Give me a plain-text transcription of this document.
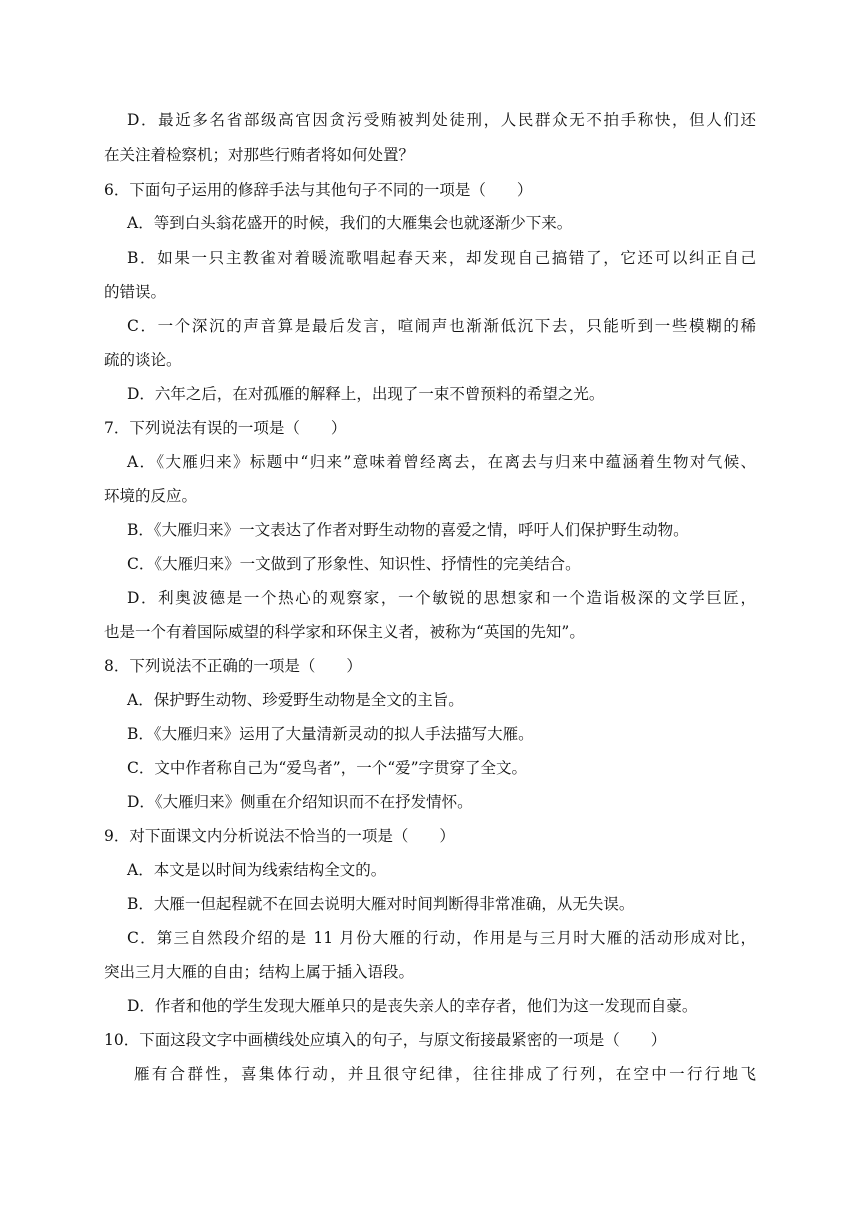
D．最近多名省部级高官因贪污受贿被判处徒刑，人民群众无不拍手称快，但人们还
在关注着检察机；对那些行贿者将如何处置？
6．下面句子运用的修辞手法与其他句子不同的一项是（　　）
A．等到白头翁花盛开的时候，我们的大雁集会也就逐渐少下来。
B．如果一只主教雀对着暖流歌唱起春天来，却发现自己搞错了，它还可以纠正自己
的错误。
C．一个深沉的声音算是最后发言，喧闹声也渐渐低沉下去，只能听到一些模糊的稀
疏的谈论。
D．六年之后，在对孤雁的解释上，出现了一束不曾预料的希望之光。
7．下列说法有误的一项是（　　）
A．《大雁归来》标题中“归来”意味着曾经离去，在离去与归来中蕴涵着生物对气候、
环境的反应。
B．《大雁归来》一文表达了作者对野生动物的喜爱之情，呼吁人们保护野生动物。
C．《大雁归来》一文做到了形象性、知识性、抒情性的完美结合。
D．利奥波德是一个热心的观察家，一个敏锐的思想家和一个造诣极深的文学巨匠，
也是一个有着国际威望的科学家和环保主义者，被称为“英国的先知”。
8．下列说法不正确的一项是（　　）
A．保护野生动物、珍爱野生动物是全文的主旨。
B．《大雁归来》运用了大量清新灵动的拟人手法描写大雁。
C．文中作者称自己为“爱鸟者”，一个“爱”字贯穿了全文。
D．《大雁归来》侧重在介绍知识而不在抒发情怀。
9．对下面课文内分析说法不恰当的一项是（　　）
A．本文是以时间为线索结构全文的。
B．大雁一但起程就不在回去说明大雁对时间判断得非常准确，从无失误。
C．第三自然段介绍的是 11 月份大雁的行动，作用是与三月时大雁的活动形成对比，
突出三月大雁的自由；结构上属于插入语段。
D．作者和他的学生发现大雁单只的是丧失亲人的幸存者，他们为这一发现而自豪。
10．下面这段文字中画横线处应填入的句子，与原文衔接最紧密的一项是（　　）
雁有合群性，喜集体行动，并且很守纪律，往往排成了行列，在空中一行行地飞
